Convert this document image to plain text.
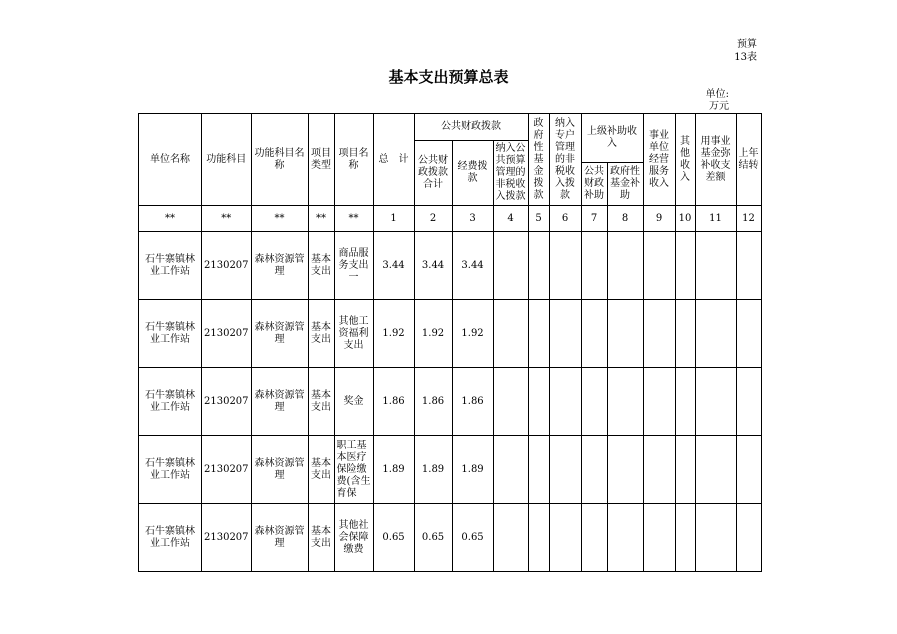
预算
13表
基本支出预算总表
单位:
万元
单位名称	功能科目	功能科目名称	项目类型	项目名称	总　计	公共财政拨款			政府性基金拨款	纳入专户管理的非税收入拨款	上级补助收入		事业单位经营服务收入	其他收入	用事业基金弥补收支差额	上年结转
						公共财政拨款合计	经费拨款	纳入公共预算管理的非税收入拨款								
											公共财政补助	政府性基金补助				
**	**	**	**	**	1	2	3	4	5	6	7	8	9	10	11	12
石牛寨镇林业工作站	2130207	森林资源管理	基本支出	商品服务支出一	3.44	3.44	3.44									
石牛寨镇林业工作站	2130207	森林资源管理	基本支出	其他工资福利支出	1.92	1.92	1.92									
石牛寨镇林业工作站	2130207	森林资源管理	基本支出	奖金	1.86	1.86	1.86									
石牛寨镇林业工作站	2130207	森林资源管理	基本支出	职工基本医疗保险缴费(含生育保	1.89	1.89	1.89									
石牛寨镇林业工作站	2130207	森林资源管理	基本支出	其他社会保障缴费	0.65	0.65	0.65									
